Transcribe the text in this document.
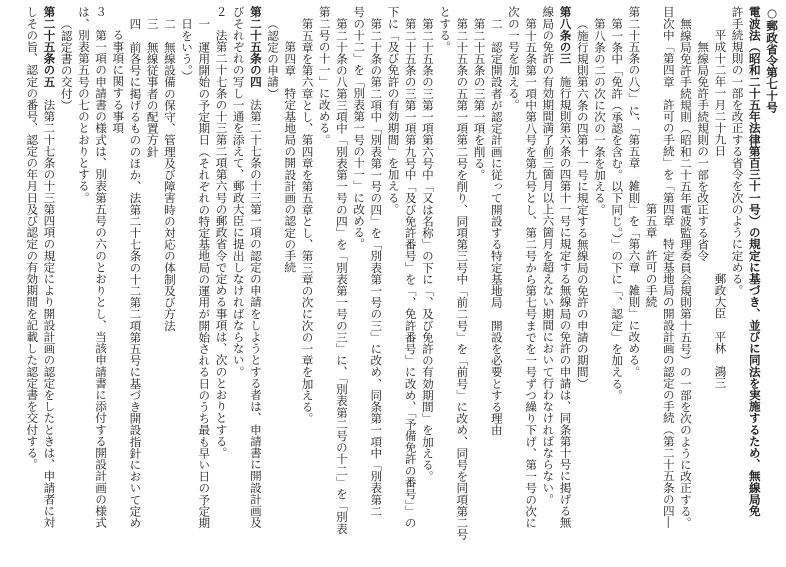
○郵政省令第七十号
電波法（昭和二十五年法律第百三十一号）の規定に基づき、並びに同法を実施するため、無線局免
許手続規則の一部を改正する省令を次のように定める。
平成十二年一月二十九日郵政大臣　平林　鴻三
無線局免許手続規則の一部を改正する省令
無線局免許手続規則（昭和二十五年電波監理委員会規則第十五号）の一部を次のように改正する。
目次中「第四章　許可の手続」を「第四章　特定基地局の開設計画の認定の手続（第二十五条の四―
第五章　許可の手続
第二十五条の八）」に、「第五章　雑則」を「第六章　雑則」に改める。
第一条中「免許（承認を含む。以下同じ。）」の下に「、認定」を加える。
第八条の二の次に次の一条を加える。
（施行規則第六条の四第十一号に規定する無線局の免許の申請の期間）
第八条の三　施行規則第六条の四第十一号に規定する無線局の免許の申請は、同条第十号に掲げる無
線局の免許の有効期間満了前三箇月以上六箇月を超えない期間において行わなければならない。
第十五条第一項中第八号を第九号とし、第二号から第七号までを一号ずつ繰り下げ、第一号の次に
次の一号を加える。
二　認定開設者が認定計画に従って開設する特定基地局　開設を必要とする理由
第二十五条の三第一項を削る。
第二十五条の五第一項第二号を削り、同項第三号中「前二号」を「前号」に改め、同号を同項第二号
とする。
第二十五条の三第一項第六号中「又は名称」の下に「、及び免許の有効期間」を加える。
第二十五条の三第一項第九号中「及び免許番号」を「、免許番号」に改め、「予備免許の番号」」の
下に「及び免許の有効期間」を加える。
第二十条の第二項中「別表第一号の四」を「別表第一号の三」に改め、同条第一項中「別表第二
号の十二」を「別表第一号の十一」に改める。
第二十条の八第三項中「別表第一号の四」を「別表第一号の三」に、「別表第二号の十二」を「別表
第二号の十一」に改める。
第五章を第六章とし、第四章を第五章とし、第三章の次に次の一章を加える。
第四章　特定基地局の開設計画の認定の手続
（認定の申請）
第二十五条の四　法第二十七条の十三第一項の認定の申請をしようとする者は、申請書に開設計画及
びそれぞれの写し一通を添えて、郵政大臣に提出しなければならない。
２　法第二十七条の十三第二項第六号の郵政省令で定める事項は、次のとおりとする。
一　運用開始の予定期日（それぞれの特定基地局の運用が開始される日のうち最も早い日の予定期
日をいう。）
二　無線設備の保守、管理及び障害時の対応の体制及び方法
三　無線従事者の配置方針
四　前各号に掲げるもののほか、法第二十七条の十二第二項第五号に基づき開設指針において定め
る事項に関する事項
３　第一項の申請書の様式は、別表第五号の六のとおりとし、当該申請書に添付する開設計画の様式
は、別表第五号の七のとおりとする。
（認定書の交付）
第二十五条の五　法第二十七条の十三第四項の規定により開設計画の認定をしたときは、申請者に対
しその旨、認定の番号、認定の年月日及び認定の有効期間を記載した認定書を交付する。
